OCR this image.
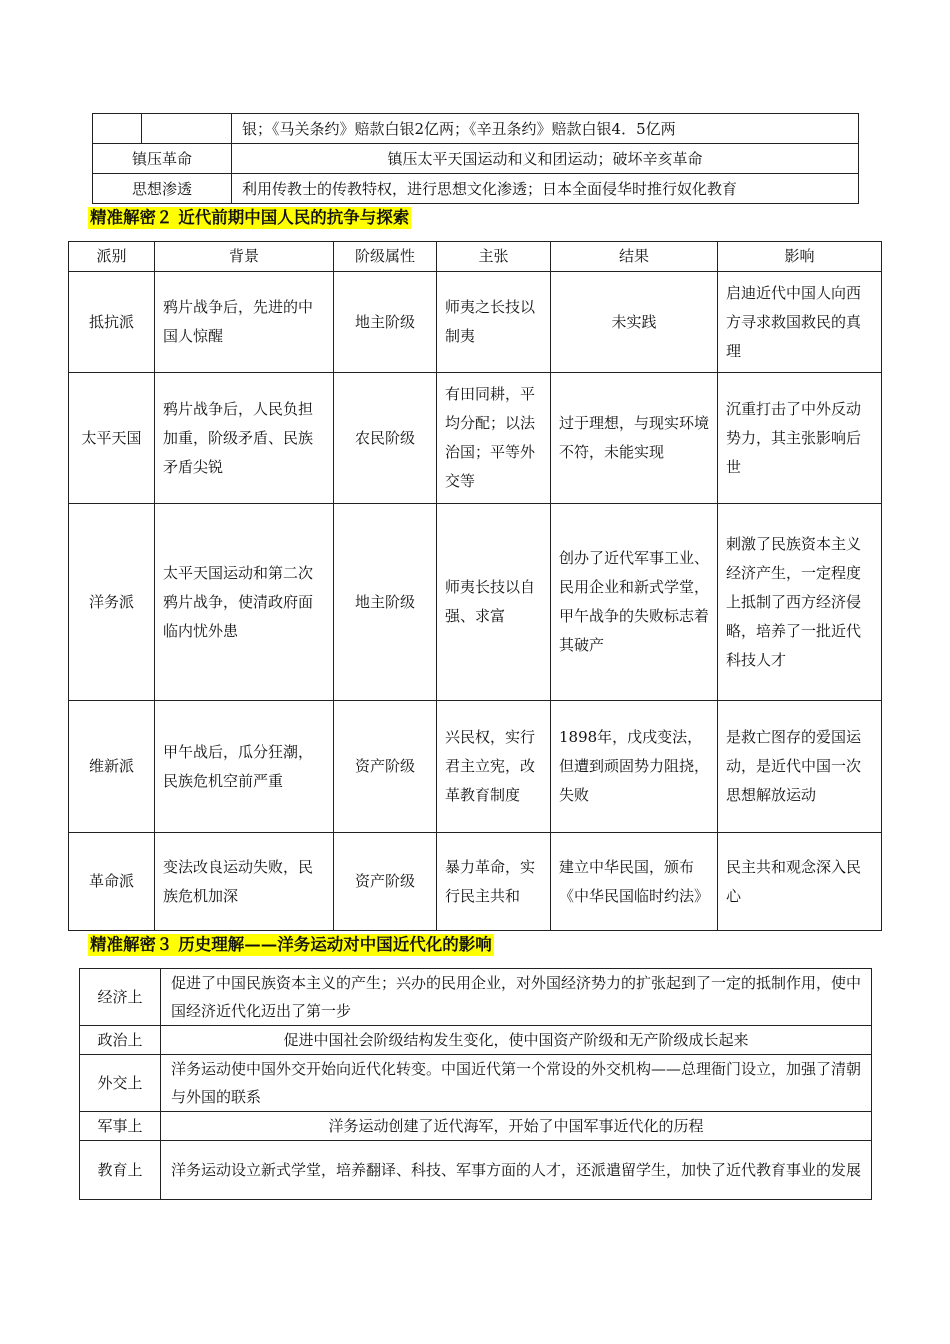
		银；《马关条约》赔款白银2亿两；《辛丑条约》赔款白银4．5亿两
镇压革命		镇压太平天国运动和义和团运动；破坏辛亥革命
思想渗透		利用传教士的传教特权，进行思想文化渗透；日本全面侵华时推行奴化教育
精准解密２ 近代前期中国人民的抗争与探索
派别	背景	阶级属性	主张	结果	影响
抵抗派	鸦片战争后，先进的中国人惊醒	地主阶级	师夷之长技以制夷	未实践	启迪近代中国人向西方寻求救国救民的真理
太平天国	鸦片战争后，人民负担加重，阶级矛盾、民族矛盾尖锐	农民阶级	有田同耕，平均分配；以法治国；平等外交等	过于理想，与现实环境不符，未能实现	沉重打击了中外反动势力，其主张影响后世
洋务派	太平天国运动和第二次鸦片战争，使清政府面临内忧外患	地主阶级	师夷长技以自强、求富	创办了近代军事工业、民用企业和新式学堂，甲午战争的失败标志着其破产	刺激了民族资本主义经济产生，一定程度上抵制了西方经济侵略，培养了一批近代科技人才
维新派	甲午战后，瓜分狂潮，民族危机空前严重	资产阶级	兴民权，实行君主立宪，改革教育制度	1898年，戊戌变法，但遭到顽固势力阻挠，失败	是救亡图存的爱国运动，是近代中国一次思想解放运动
革命派	变法改良运动失败，民族危机加深	资产阶级	暴力革命，实行民主共和	建立中华民国，颁布《中华民国临时约法》	民主共和观念深入民心
精准解密３ 历史理解——洋务运动对中国近代化的影响
经济上	促进了中国民族资本主义的产生；兴办的民用企业，对外国经济势力的扩张起到了一定的抵制作用，使中国经济近代化迈出了第一步
政治上	促进中国社会阶级结构发生变化，使中国资产阶级和无产阶级成长起来
外交上	洋务运动使中国外交开始向近代化转变。中国近代第一个常设的外交机构——总理衙门设立，加强了清朝与外国的联系
军事上	洋务运动创建了近代海军，开始了中国军事近代化的历程
教育上	洋务运动设立新式学堂，培养翻译、科技、军事方面的人才，还派遣留学生，加快了近代教育事业的发展
